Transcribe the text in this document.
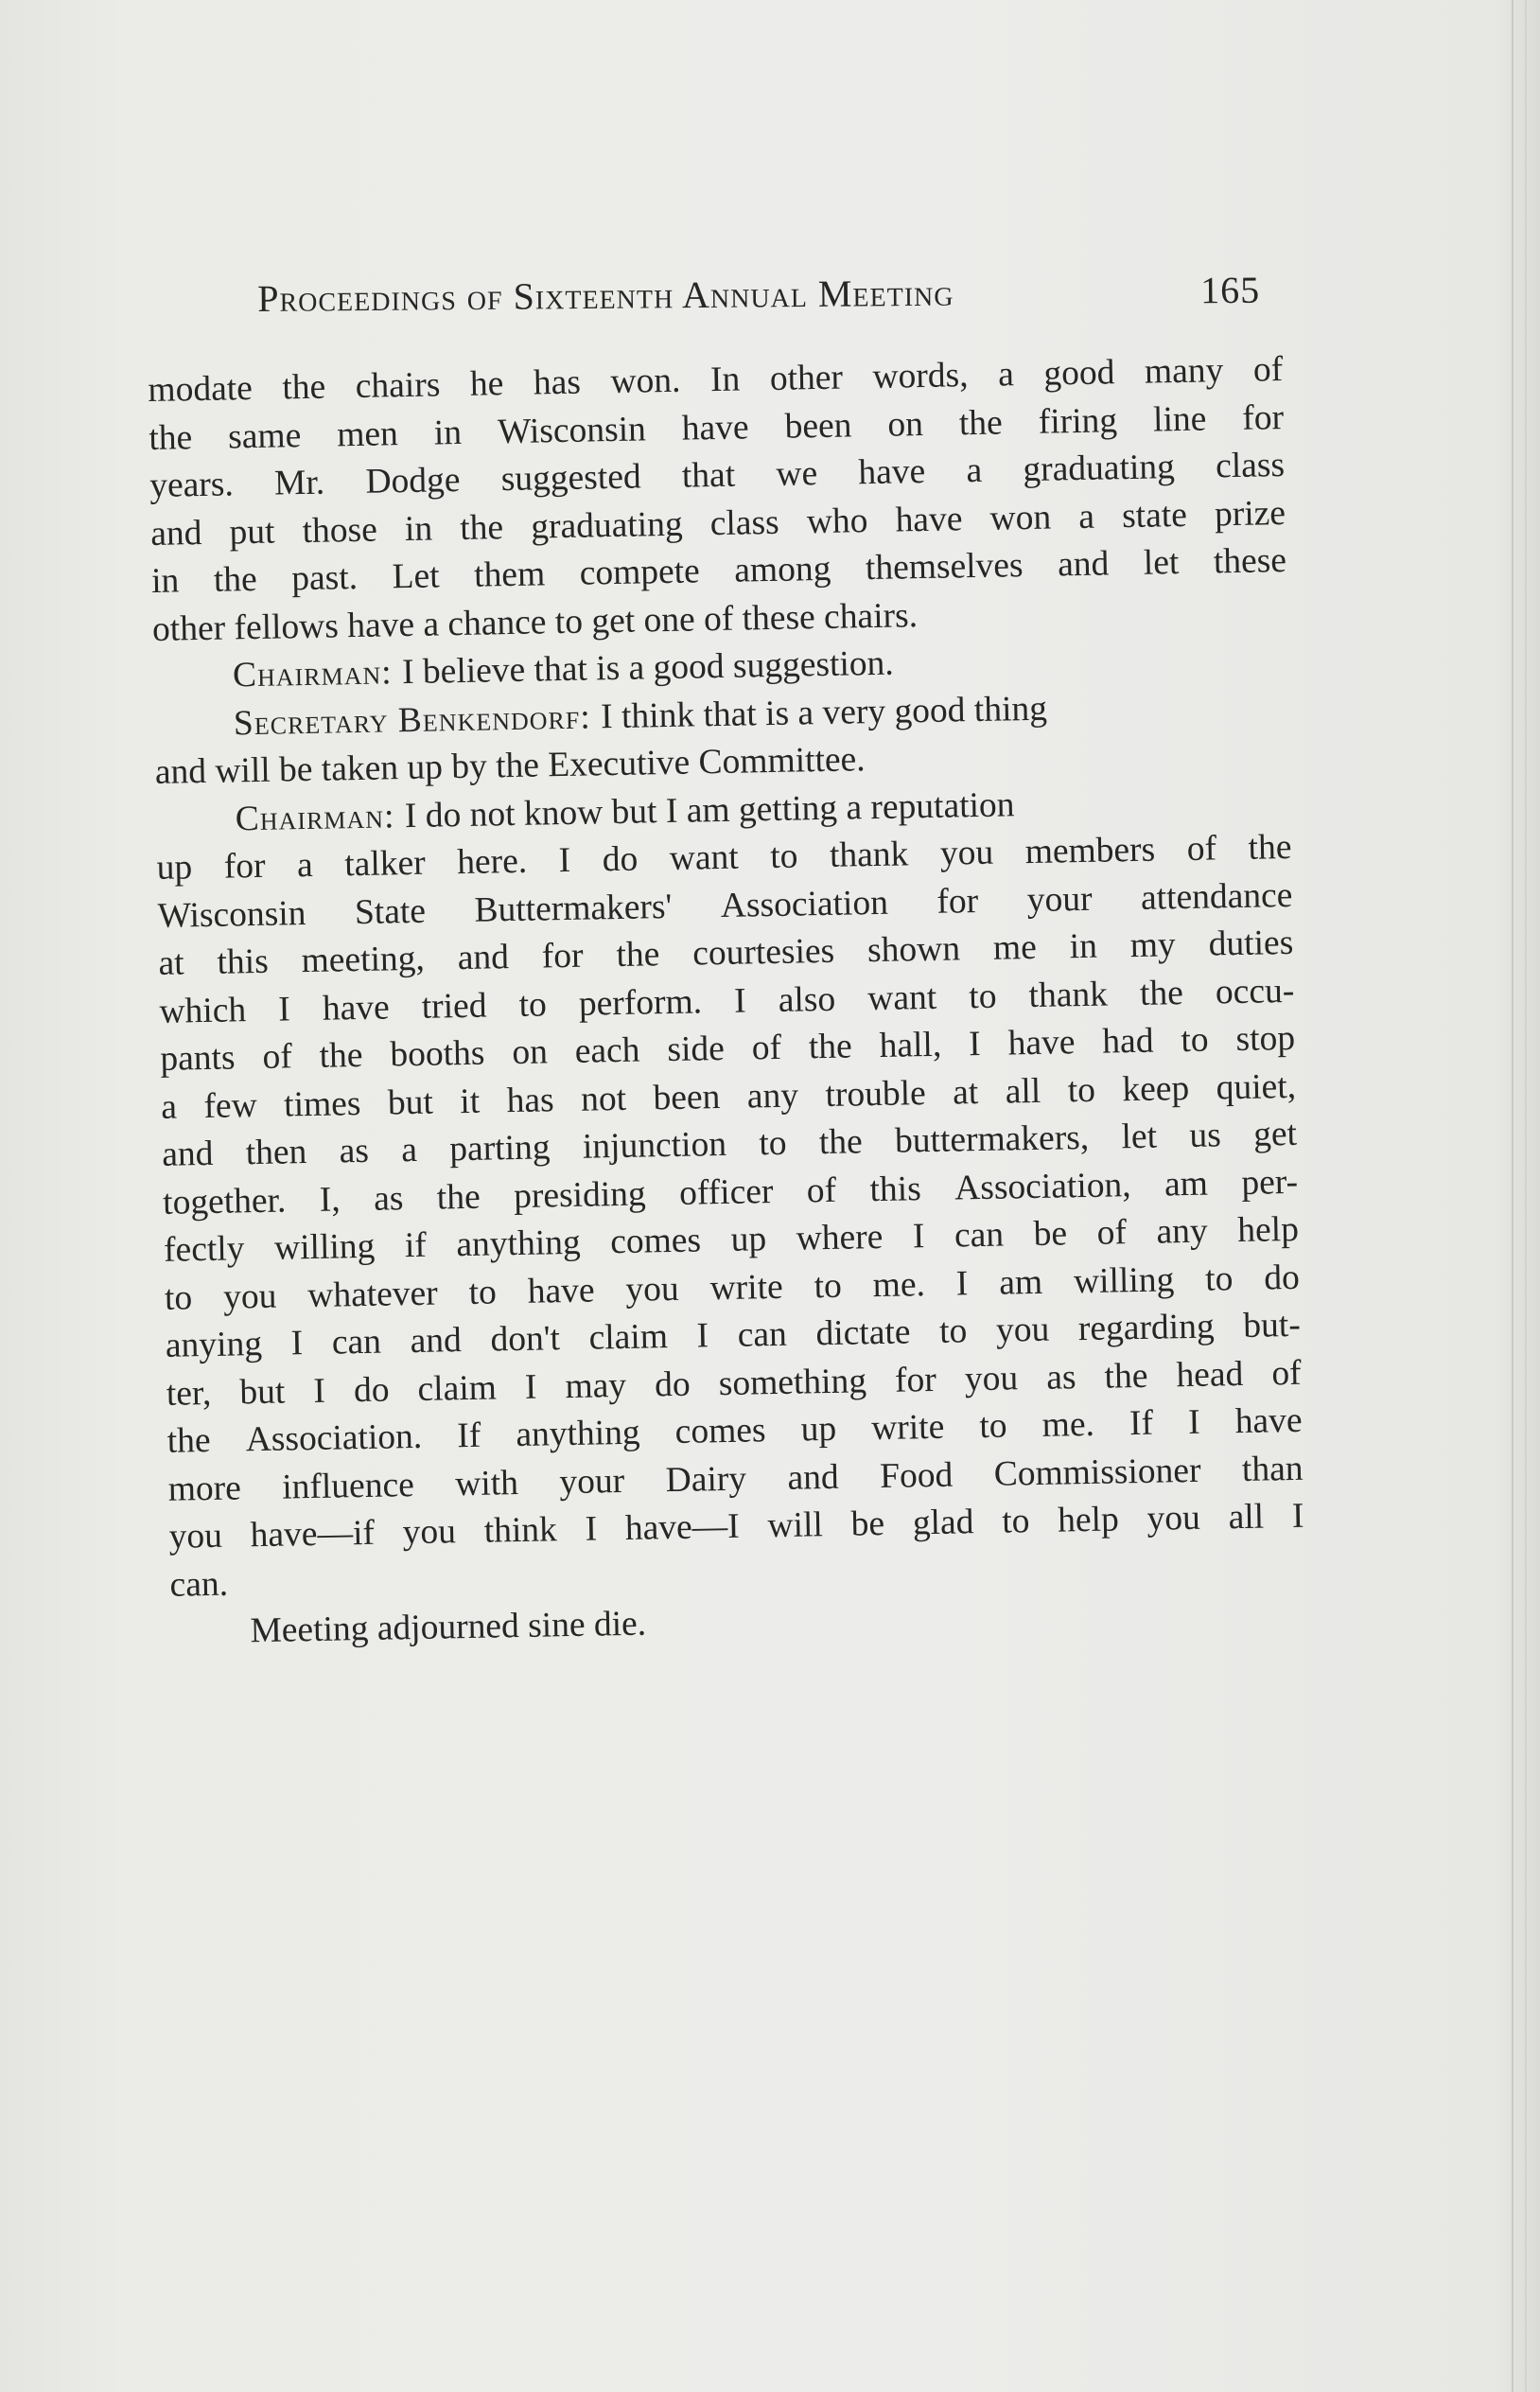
Proceedings of Sixteenth Annual Meeting	165
modate the chairs he has won. In other words, a good many of
the same men in Wisconsin have been on the firing line for
years. Mr. Dodge suggested that we have a graduating class
and put those in the graduating class who have won a state prize
in the past. Let them compete among themselves and let these
other fellows have a chance to get one of these chairs.
Chairman: I believe that is a good suggestion.
Secretary Benkendorf: I think that is a very good thing
and will be taken up by the Executive Committee.
Chairman: I do not know but I am getting a reputation
up for a talker here. I do want to thank you members of the
Wisconsin State Buttermakers' Association for your attendance
at this meeting, and for the courtesies shown me in my duties
which I have tried to perform. I also want to thank the occu-
pants of the booths on each side of the hall, I have had to stop
a few times but it has not been any trouble at all to keep quiet,
and then as a parting injunction to the buttermakers, let us get
together. I, as the presiding officer of this Association, am per-
fectly willing if anything comes up where I can be of any help
to you whatever to have you write to me. I am willing to do
anying I can and don't claim I can dictate to you regarding but-
ter, but I do claim I may do something for you as the head of
the Association. If anything comes up write to me. If I have
more influence with your Dairy and Food Commissioner than
you have—if you think I have—I will be glad to help you all I
can.
Meeting adjourned sine die.
